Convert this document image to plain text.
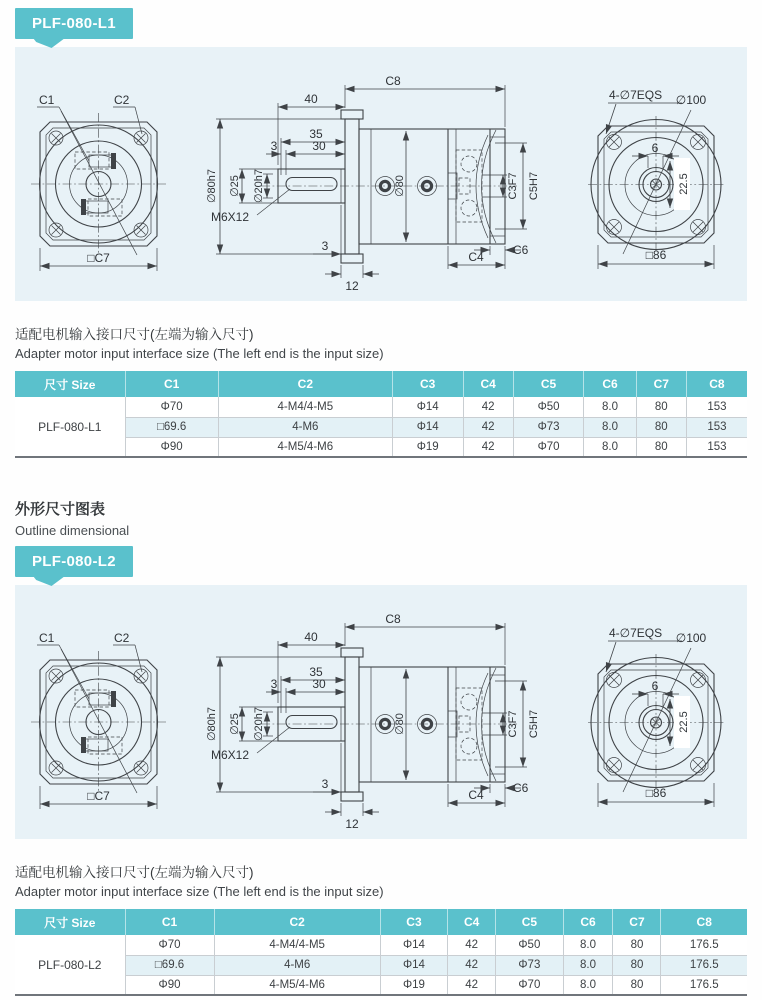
PLF-080-L1
C1	C2
□C7
C8
40
35
30
3
∅80h7 ∅25 ∅20h7
M6X12
∅80
3
12
C3F7 C5H7
C6
C4
4-∅7EQS ∅100
6
22.5
□86

适配电机输入接口尺寸(左端为输入尺寸)

Adapter motor input interface size (The left end is the input size)

尺寸 Size	C1	C2	C3	C4	C5	C6	C7	C8
PLF-080-L1	Φ70	4-M4/4-M5	Φ14	42	Φ50	8.0	80	153
	□69.6	4-M6	Φ14	42	Φ73	8.0	80	153
	Φ90	4-M5/4-M6	Φ19	42	Φ70	8.0	80	153

外形尺寸图表

Outline dimensional

PLF-080-L2
C1	C2
□C7
C8
40
35
30
3
∅80h7 ∅25 ∅20h7
M6X12
∅80
3
12
C3F7 C5H7
C6
C4
4-∅7EQS ∅100
6
22.5
□86

适配电机输入接口尺寸(左端为输入尺寸)

Adapter motor input interface size (The left end is the input size)

尺寸 Size	C1	C2	C3	C4	C5	C6	C7	C8
PLF-080-L2	Φ70	4-M4/4-M5	Φ14	42	Φ50	8.0	80	176.5
	□69.6	4-M6	Φ14	42	Φ73	8.0	80	176.5
	Φ90	4-M5/4-M6	Φ19	42	Φ70	8.0	80	176.5
